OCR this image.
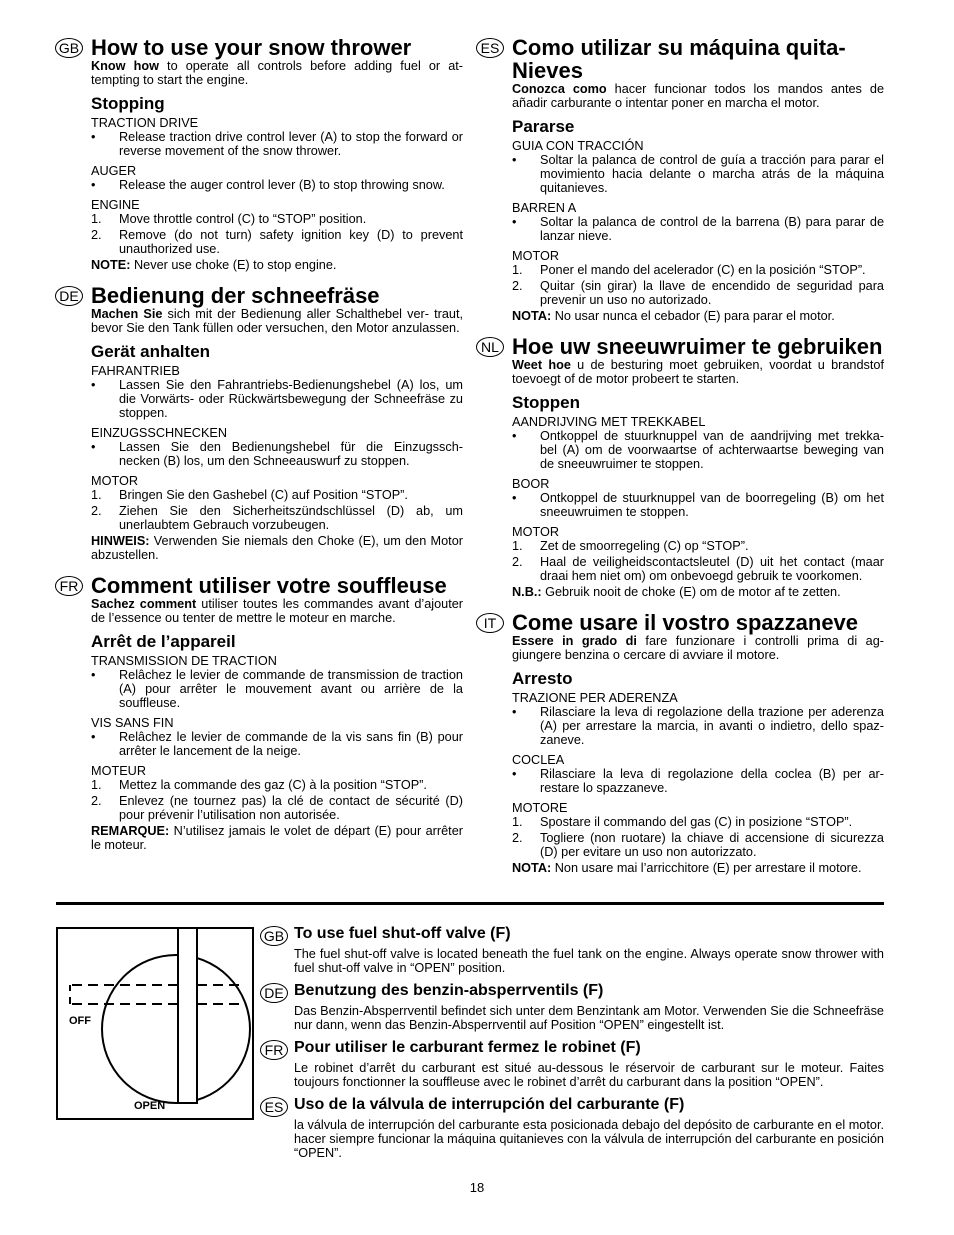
GB How to use your snow thrower

Know how to operate all controls before adding fuel or at- tempting to start the engine.

Stopping
TRACTION DRIVE
• Release traction drive control lever (A) to stop the forward or reverse movement of the snow thrower.
AUGER
• Release the auger control lever (B) to stop throwing snow.
ENGINE
1. Move throttle control (C) to “STOP” position.
2. Remove (do not turn) safety ignition key (D) to prevent unauthorized use.

NOTE: Never use choke (E) to stop engine.

DE Bedienung der schneefräse

Machen Sie sich mit der Bedienung aller Schalthebel ver- traut, bevor Sie den Tank füllen oder versuchen, den Motor anzulassen.

Gerät anhalten
FAHRANTRIEB
• Lassen Sie den Fahrantriebs-Bedienungshebel (A) los, um die Vorwärts- oder Rückwärtsbewegung der Schneefräse zu stoppen.
EINZUGSSCHNECKEN
• Lassen Sie den Bedienungshebel für die Einzugssch- necken (B) los, um den Schneeauswurf zu stoppen.
MOTOR
1. Bringen Sie den Gashebel (C) auf Position “STOP”.
2. Ziehen Sie den Sicherheitszündschlüssel (D) ab, um unerlaubtem Gebrauch vorzubeugen.

HINWEIS: Verwenden Sie niemals den Choke (E), um den Motor abzustellen.

FR Comment utiliser votre souffleuse

Sachez comment utiliser toutes les commandes avant d’ajouter de l’essence ou tenter de mettre le moteur en marche.

Arrêt de l’appareil
TRANSMISSION DE TRACTION
• Relâchez le levier de commande de transmission de traction (A) pour arrêter le mouvement avant ou arrière de la souffleuse.
VIS SANS FIN
• Relâchez le levier de commande de la vis sans fin (B) pour arrêter le lancement de la neige.
MOTEUR
1. Mettez la commande des gaz (C) à la position “STOP”.
2. Enlevez (ne tournez pas) la clé de contact de sécurité (D) pour prévenir l’utilisation non autorisée.

REMARQUE: N’utilisez jamais le volet de départ (E) pour arrêter le moteur.

ES Como utilizar su máquina quita- Nieves

Conozca como hacer funcionar todos los mandos antes de añadir carburante o intentar poner en marcha el motor.

Pararse
GUIA CON TRACCIÓN
• Soltar la palanca de control de guía a tracción para parar el movimiento hacia delante o marcha atrás de la máquina quitanieves.
BARREN A
• Soltar la palanca de control de la barrena (B) para parar de lanzar nieve.
MOTOR
1. Poner el mando del acelerador (C) en la posición “STOP”.
2. Quitar (sin girar) la llave de encendido de seguridad para prevenir un uso no autorizado.

NOTA: No usar nunca el cebador (E) para parar el motor.

NL Hoe uw sneeuwruimer te gebruiken

Weet hoe u de besturing moet gebruiken, voordat u brandstof toevoegt of de motor probeert te starten.

Stoppen
AANDRIJVING MET TREKKABEL
• Ontkoppel de stuurknuppel van de aandrijving met trekka- bel (A) om de voorwaartse of achterwaartse beweging van de sneeuwruimer te stoppen.
BOOR
• Ontkoppel de stuurknuppel van de boorregeling (B) om het sneeuwruimen te stoppen.
MOTOR
1. Zet de smoorregeling (C) op “STOP”.
2. Haal de veiligheidscontactsleutel (D) uit het contact (maar draai hem niet om) om onbevoegd gebruik te voorkomen.

N.B.: Gebruik nooit de choke (E) om de motor af te zetten.

IT Come usare il vostro spazzaneve

Essere in grado di fare funzionare i controlli prima di ag- giungere benzina o cercare di avviare il motore.

Arresto
TRAZIONE PER ADERENZA
• Rilasciare la leva di regolazione della trazione per aderenza (A) per arrestare la marcia, in avanti o indietro, dello spaz- zaneve.
COCLEA
• Rilasciare la leva di regolazione della coclea (B) per ar- restare lo spazzaneve.
MOTORE
1. Spostare il commando del gas (C) in posizione “STOP”.
2. Togliere (non ruotare) la chiave di accensione di sicurezza (D) per evitare un uso non autorizzato.

NOTA: Non usare mai l’arricchitore (E) per arrestare il motore.

OFF
OPEN
GB To use fuel shut-off valve (F)

The fuel shut-off valve is located beneath the fuel tank on the engine. Always operate snow thrower with fuel shut-off valve in “OPEN” position.

DE Benutzung des benzin-absperrventils (F)

Das Benzin-Absperrventil befindet sich unter dem Benzintank am Motor. Verwenden Sie die Schneefräse nur dann, wenn das Benzin-Absperrventil auf Position “OPEN” eingestellt ist.

FR Pour utiliser le carburant fermez le robinet (F)

Le robinet d’arrêt du carburant est situé au-dessous le réservoir de carburant sur le moteur. Faites toujours fonctionner la souffleuse avec le robinet d’arrêt du carburant dans la position “OPEN”.

ES Uso de la válvula de interrupción del carburante (F)

la válvula de interrupción del carburante esta posicionada debajo del depósito de carburante en el motor. hacer siempre funcionar la máquina quitanieves con la válvula de interrupción del carburante en posición “OPEN”.

18
